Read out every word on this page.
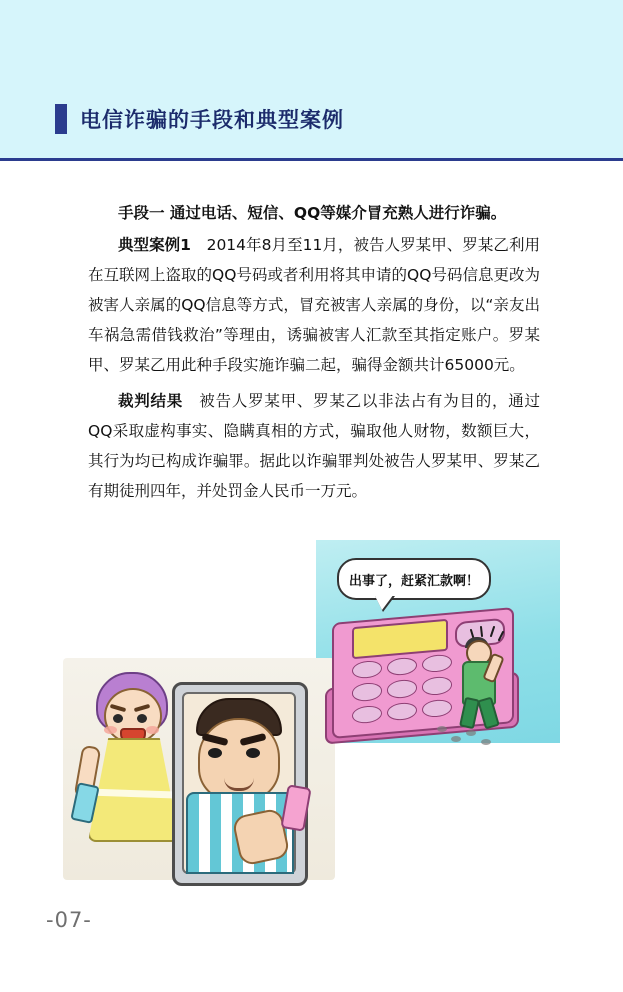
电信诈骗的手段和典型案例

手段一 通过电话、短信、QQ等媒介冒充熟人进行诈骗。

典型案例1　2014年8月至11月，被告人罗某甲、罗某乙利用在互联网上盗取的QQ号码或者利用将其申请的QQ号码信息更改为被害人亲属的QQ信息等方式，冒充被害人亲属的身份，以“亲友出车祸急需借钱救治”等理由，诱骗被害人汇款至其指定账户。罗某甲、罗某乙用此种手段实施诈骗二起，骗得金额共计65000元。

裁判结果　被告人罗某甲、罗某乙以非法占有为目的，通过QQ采取虚构事实、隐瞒真相的方式，骗取他人财物，数额巨大，其行为均已构成诈骗罪。据此以诈骗罪判处被告人罗某甲、罗某乙有期徒刑四年，并处罚金人民币一万元。

出事了，赶紧汇款啊！
-07-
